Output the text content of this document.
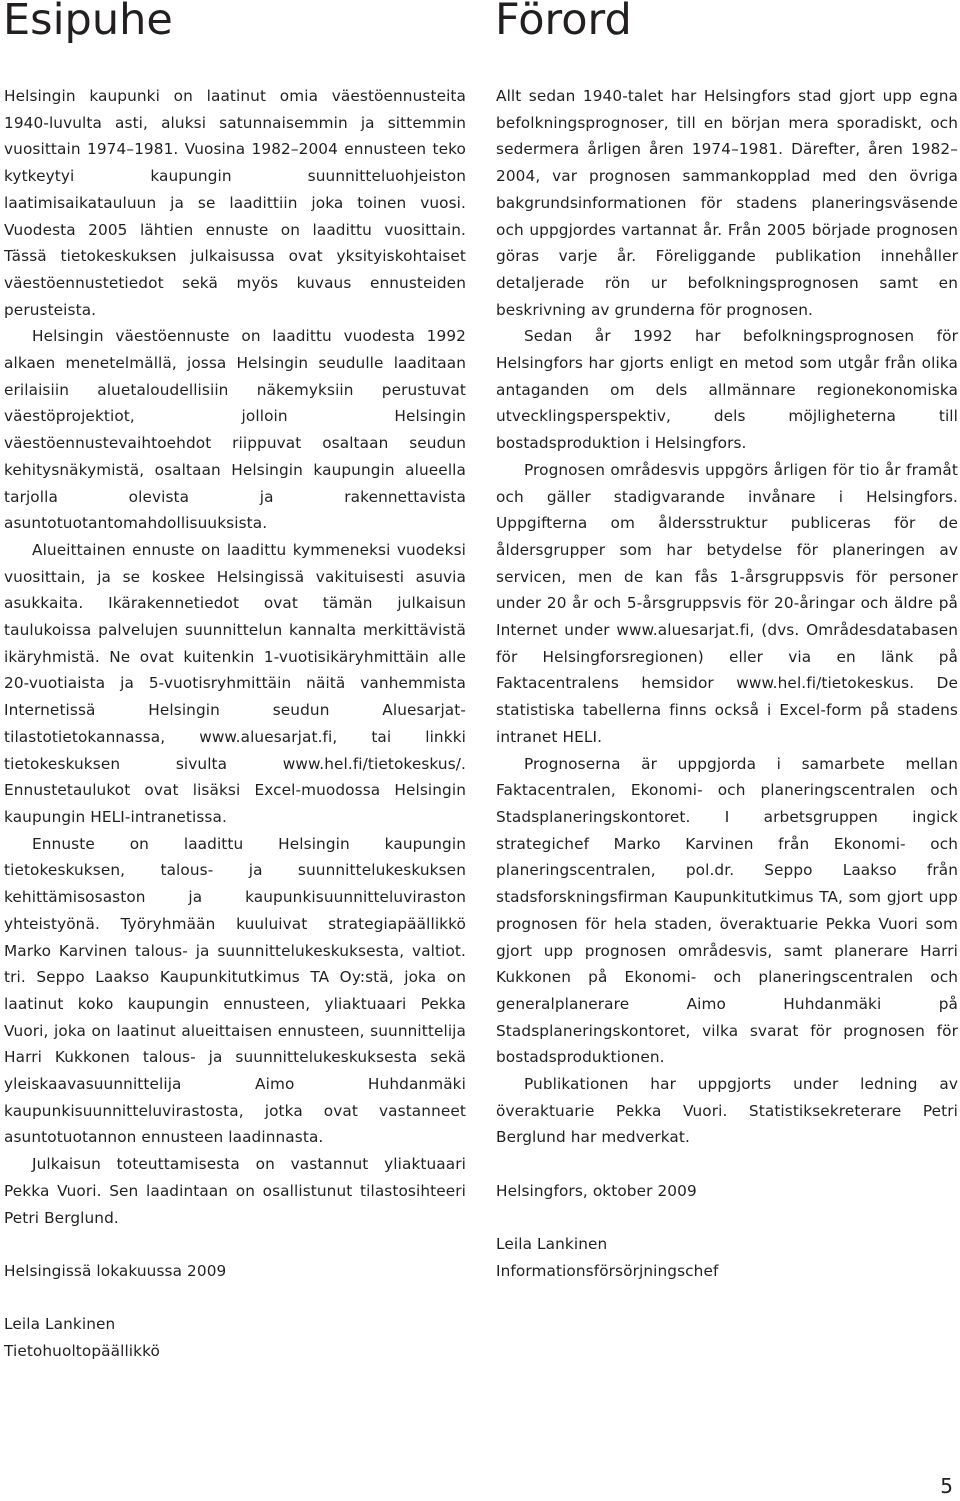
Esipuhe

Helsingin kaupunki on laatinut omia väestöennusteita 1940-luvulta asti, aluksi satunnaisemmin ja sittemmin vuosittain 1974–1981. Vuosina 1982–2004 ennusteen teko kytkeytyi kaupungin suunnitteluohjeiston laatimisaikatauluun ja se laadittiin joka toinen vuosi. Vuodesta 2005 lähtien ennuste on laadittu vuosittain. Tässä tietokeskuksen julkaisussa ovat yksityiskohtaiset väestöennustetiedot sekä myös kuvaus ennusteiden perusteista.

Helsingin väestöennuste on laadittu vuodesta 1992 alkaen menetelmällä, jossa Helsingin seudulle laaditaan erilaisiin aluetaloudellisiin näkemyksiin perustuvat väestöprojektiot, jolloin Helsingin väestöennustevaihtoehdot riippuvat osaltaan seudun kehitysnäkymistä, osaltaan Helsingin kaupungin alueella tarjolla olevista ja rakennettavista asuntotuotantomahdollisuuksista.

Alueittainen ennuste on laadittu kymmeneksi vuodeksi vuosittain, ja se koskee Helsingissä vakituisesti asuvia asukkaita. Ikärakennetiedot ovat tämän julkaisun taulukoissa palvelujen suunnittelun kannalta merkittävistä ikäryhmistä. Ne ovat kuitenkin 1-vuotisikäryhmittäin alle 20-vuotiaista ja 5-vuotisryhmittäin näitä vanhemmista Internetissä Helsingin seudun Aluesarjat-tilastotietokannassa, www.aluesarjat.fi, tai linkki tietokeskuksen sivulta www.hel.fi/tietokeskus/. Ennustetaulukot ovat lisäksi Excel-muodossa Helsingin kaupungin HELI-intranetissa.

Ennuste on laadittu Helsingin kaupungin tietokeskuksen, talous- ja suunnittelukeskuksen kehittämisosaston ja kaupunkisuunnitteluviraston yhteistyönä. Työryhmään kuuluivat strategiapäällikkö Marko Karvinen talous- ja suunnittelukeskuksesta, valtiot. tri. Seppo Laakso Kaupunkitutkimus TA Oy:stä, joka on laatinut koko kaupungin ennusteen, yliaktuaari Pekka Vuori, joka on laatinut alueittaisen ennusteen, suunnittelija Harri Kukkonen talous- ja suunnittelukeskuksesta sekä yleiskaavasuunnittelija Aimo Huhdanmäki kaupunkisuunnitteluvirastosta, jotka ovat vastanneet asuntotuotannon ennusteen laadinnasta.

Julkaisun toteuttamisesta on vastannut yliaktuaari Pekka Vuori. Sen laadintaan on osallistunut tilastosihteeri Petri Berglund.

Helsingissä lokakuussa 2009

Leila Lankinen

Tietohuoltopäällikkö

Förord

Allt sedan 1940-talet har Helsingfors stad gjort upp egna befolkningsprognoser, till en början mera sporadiskt, och sedermera årligen åren 1974–1981. Därefter, åren 1982–2004, var prognosen sammankopplad med den övriga bakgrundsinformationen för stadens planeringsväsende och uppgjordes vartannat år. Från 2005 började prognosen göras varje år. Föreliggande publikation innehåller detaljerade rön ur befolkningsprognosen samt en beskrivning av grunderna för prognosen.

Sedan år 1992 har befolkningsprognosen för Helsingfors har gjorts enligt en metod som utgår från olika antaganden om dels allmännare regionekonomiska utvecklingsperspektiv, dels möjligheterna till bostadsproduktion i Helsingfors.

Prognosen områdesvis uppgörs årligen för tio år framåt och gäller stadigvarande invånare i Helsingfors. Uppgifterna om åldersstruktur publiceras för de åldersgrupper som har betydelse för planeringen av servicen, men de kan fås 1-årsgruppsvis för personer under 20 år och 5-årsgruppsvis för 20-åringar och äldre på Internet under www.aluesarjat.fi, (dvs. Områdesdatabasen för Helsingforsregionen) eller via en länk på Faktacentralens hemsidor www.hel.fi/tietokeskus. De statistiska tabellerna finns också i Excel-form på stadens intranet HELI.

Prognoserna är uppgjorda i samarbete mellan Faktacentralen, Ekonomi- och planeringscentralen och Stadsplaneringskontoret. I arbetsgruppen ingick strategichef Marko Karvinen från Ekonomi- och planeringscentralen, pol.dr. Seppo Laakso från stadsforskningsfirman Kaupunkitutkimus TA, som gjort upp prognosen för hela staden, överaktuarie Pekka Vuori som gjort upp prognosen områdesvis, samt planerare Harri Kukkonen på Ekonomi- och planeringscentralen och generalplanerare Aimo Huhdanmäki på Stadsplaneringskontoret, vilka svarat för prognosen för bostadsproduktionen.

Publikationen har uppgjorts under ledning av överaktuarie Pekka Vuori. Statistiksekreterare Petri Berglund har medverkat.

Helsingfors, oktober 2009

Leila Lankinen

Informationsförsörjningschef

5
